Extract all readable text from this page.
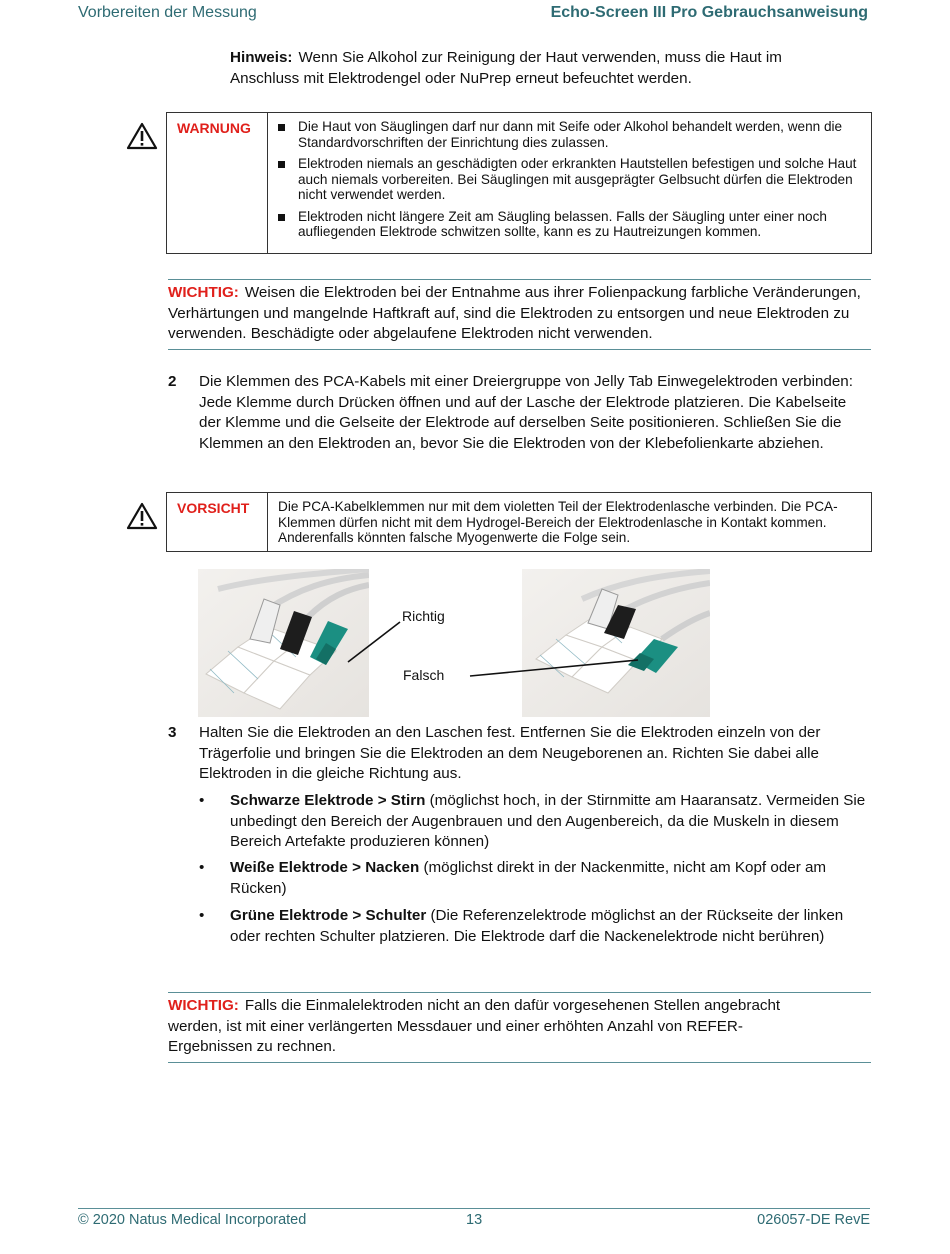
Vorbereiten der Messung	Echo-Screen III Pro Gebrauchsanweisung
Hinweis: Wenn Sie Alkohol zur Reinigung der Haut verwenden, muss die Haut im Anschluss mit Elektrodengel oder NuPrep erneut befeuchtet werden.
WARNUNG	Die Haut von Säuglingen darf nur dann mit Seife oder Alkohol behandelt werden, wenn die Standardvorschriften der Einrichtung dies zulassen.
Elektroden niemals an geschädigten oder erkrankten Hautstellen befestigen und solche Haut auch niemals vorbereiten. Bei Säuglingen mit ausgeprägter Gelbsucht dürfen die Elektroden nicht verwendet werden.
Elektroden nicht längere Zeit am Säugling belassen. Falls der Säugling unter einer noch aufliegenden Elektrode schwitzen sollte, kann es zu Hautreizungen kommen.
WICHTIG: Weisen die Elektroden bei der Entnahme aus ihrer Folienpackung farbliche Veränderungen, Verhärtungen und mangelnde Haftkraft auf, sind die Elektroden zu entsorgen und neue Elektroden zu verwenden. Beschädigte oder abgelaufene Elektroden nicht verwenden.
2 Die Klemmen des PCA-Kabels mit einer Dreiergruppe von Jelly Tab Einwegelektroden verbinden: Jede Klemme durch Drücken öffnen und auf der Lasche der Elektrode platzieren. Die Kabelseite der Klemme und die Gelseite der Elektrode auf derselben Seite positionieren. Schließen Sie die Klemmen an den Elektroden an, bevor Sie die Elektroden von der Klebefolienkarte abziehen.
VORSICHT	Die PCA-Kabelklemmen nur mit dem violetten Teil der Elektrodenlasche verbinden. Die PCA-Klemmen dürfen nicht mit dem Hydrogel-Bereich der Elektrodenlasche in Kontakt kommen. Anderenfalls könnten falsche Myogenwerte die Folge sein.
Richtig
Falsch
3 Halten Sie die Elektroden an den Laschen fest. Entfernen Sie die Elektroden einzeln von der Trägerfolie und bringen Sie die Elektroden an dem Neugeborenen an. Richten Sie dabei alle Elektroden in die gleiche Richtung aus.
• Schwarze Elektrode > Stirn (möglichst hoch, in der Stirnmitte am Haaransatz. Vermeiden Sie unbedingt den Bereich der Augenbrauen und den Augenbereich, da die Muskeln in diesem Bereich Artefakte produzieren können)
• Weiße Elektrode > Nacken (möglichst direkt in der Nackenmitte, nicht am Kopf oder am Rücken)
• Grüne Elektrode > Schulter (Die Referenzelektrode möglichst an der Rückseite der linken oder rechten Schulter platzieren. Die Elektrode darf die Nackenelektrode nicht berühren)
WICHTIG: Falls die Einmalelektroden nicht an den dafür vorgesehenen Stellen angebracht werden, ist mit einer verlängerten Messdauer und einer erhöhten Anzahl von REFER-Ergebnissen zu rechnen.
© 2020 Natus Medical Incorporated	13	026057-DE RevE
